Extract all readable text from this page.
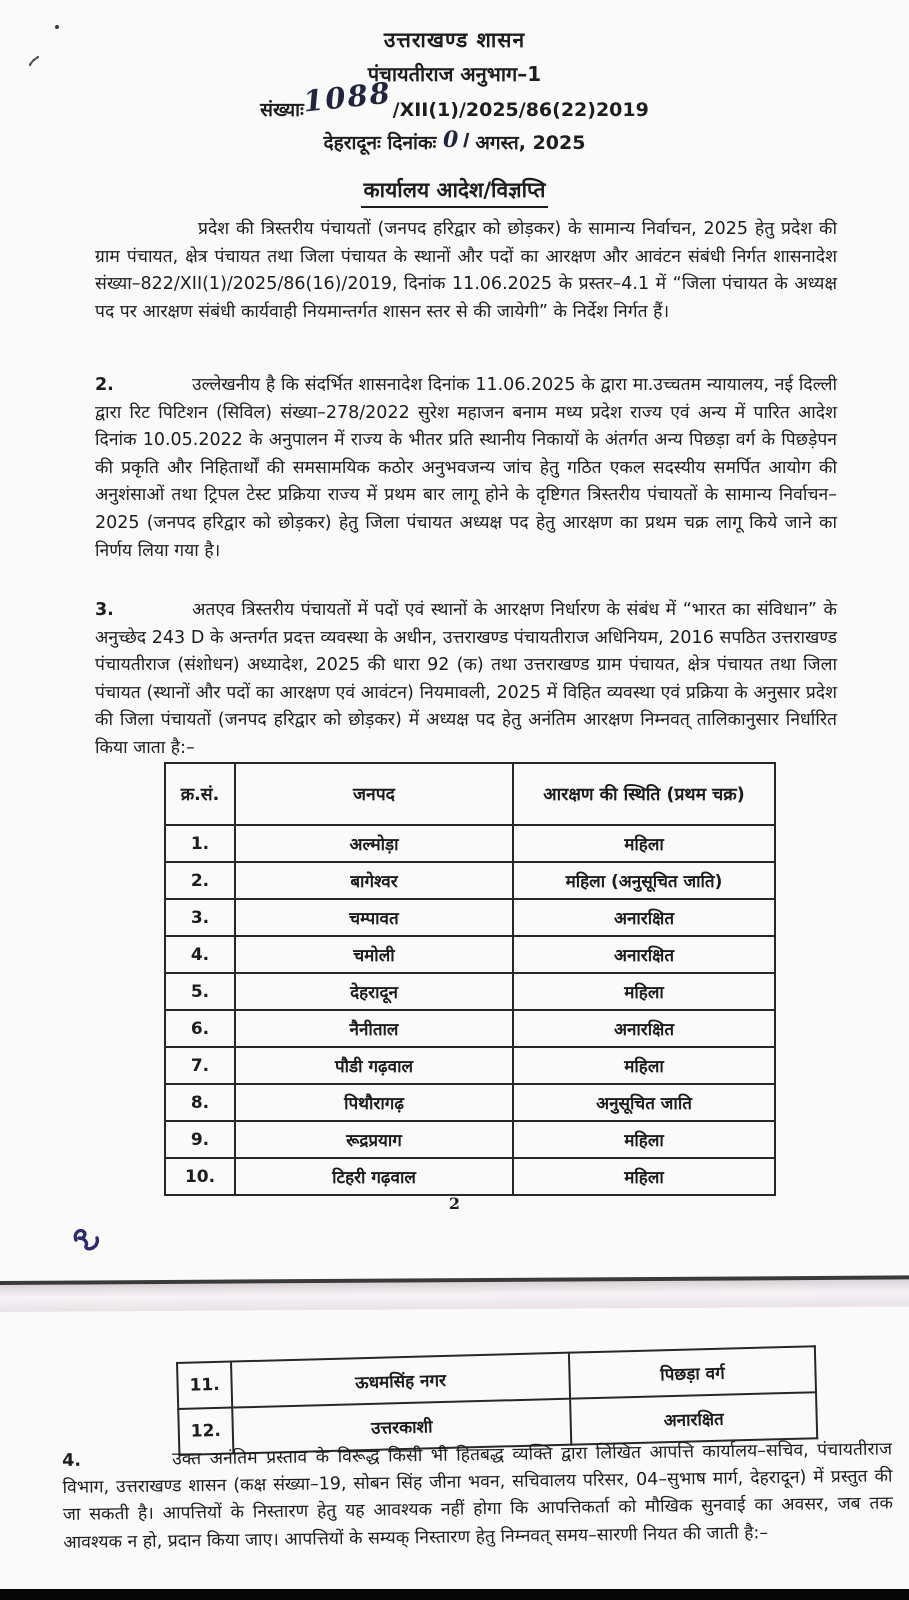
उत्तराखण्ड शासन
पंचायतीराज अनुभाग–1
संख्याः1088/XII(1)/2025/86(22)2019
देहरादूनः दिनांकः 0। अगस्त, 2025
कार्यालय आदेश/विज्ञप्ति
प्रदेश की त्रिस्तरीय पंचायतों (जनपद हरिद्वार को छोड़कर) के सामान्य निर्वाचन, 2025 हेतु प्रदेश की ग्राम पंचायत, क्षेत्र पंचायत तथा जिला पंचायत के स्थानों और पदों का आरक्षण और आवंटन संबंधी निर्गत शासनादेश संख्या–822/XII(1)/2025/86(16)/2019, दिनांक 11.06.2025 के प्रस्तर–4.1 में “जिला पंचायत के अध्यक्ष पद पर आरक्षण संबंधी कार्यवाही नियमान्तर्गत शासन स्तर से की जायेगी” के निर्देश निर्गत हैं।
2.	उल्लेखनीय है कि संदर्भित शासनादेश दिनांक 11.06.2025 के द्वारा मा.उच्चतम न्यायालय, नई दिल्ली द्वारा रिट पिटिशन (सिविल) संख्या–278/2022 सुरेश महाजन बनाम मध्य प्रदेश राज्य एवं अन्य में पारित आदेश दिनांक 10.05.2022 के अनुपालन में राज्य के भीतर प्रति स्थानीय निकायों के अंतर्गत अन्य पिछड़ा वर्ग के पिछड़ेपन की प्रकृति और निहितार्थों की समसामयिक कठोर अनुभवजन्य जांच हेतु गठित एकल सदस्यीय समर्पित आयोग की अनुशंसाओं तथा ट्रिपल टेस्ट प्रक्रिया राज्य में प्रथम बार लागू होने के दृष्टिगत त्रिस्तरीय पंचायतों के सामान्य निर्वाचन–2025 (जनपद हरिद्वार को छोड़कर) हेतु जिला पंचायत अध्यक्ष पद हेतु आरक्षण का प्रथम चक्र लागू किये जाने का निर्णय लिया गया है।
3.	अतएव त्रिस्तरीय पंचायतों में पदों एवं स्थानों के आरक्षण निर्धारण के संबंध में “भारत का संविधान” के अनुच्छेद 243 D के अन्तर्गत प्रदत्त व्यवस्था के अधीन, उत्तराखण्ड पंचायतीराज अधिनियम, 2016 सपठित उत्तराखण्ड पंचायतीराज (संशोधन) अध्यादेश, 2025 की धारा 92 (क) तथा उत्तराखण्ड ग्राम पंचायत, क्षेत्र पंचायत तथा जिला पंचायत (स्थानों और पदों का आरक्षण एवं आवंटन) नियमावली, 2025 में विहित व्यवस्था एवं प्रक्रिया के अनुसार प्रदेश की जिला पंचायतों (जनपद हरिद्वार को छोड़कर) में अध्यक्ष पद हेतु अनंतिम आरक्षण निम्नवत् तालिकानुसार निर्धारित किया जाता है:–
क्र.सं.	जनपद	आरक्षण की स्थिति (प्रथम चक्र)
1.	अल्मोड़ा	महिला
2.	बागेश्वर	महिला (अनुसूचित जाति)
3.	चम्पावत	अनारक्षित
4.	चमोली	अनारक्षित
5.	देहरादून	महिला
6.	नैनीताल	अनारक्षित
7.	पौडी गढ़वाल	महिला
8.	पिथौरागढ़	अनुसूचित जाति
9.	रूद्रप्रयाग	महिला
10.	टिहरी गढ़वाल	महिला
2
11.	ऊधमसिंह नगर	पिछड़ा वर्ग
12.	उत्तरकाशी	अनारक्षित
4.	उक्त अनंतिम प्रस्ताव के विरूद्ध किसी भी हितबद्ध व्यक्ति द्वारा लिखित आपत्ति कार्यालय–सचिव, पंचायतीराज विभाग, उत्तराखण्ड शासन (कक्ष संख्या–19, सोबन सिंह जीना भवन, सचिवालय परिसर, 04–सुभाष मार्ग, देहरादून) में प्रस्तुत की जा सकती है। आपत्तियों के निस्तारण हेतु यह आवश्यक नहीं होगा कि आपत्तिकर्ता को मौखिक सुनवाई का अवसर, जब तक आवश्यक न हो, प्रदान किया जाए। आपत्तियों के सम्यक् निस्तारण हेतु निम्नवत् समय–सारणी नियत की जाती है:–
